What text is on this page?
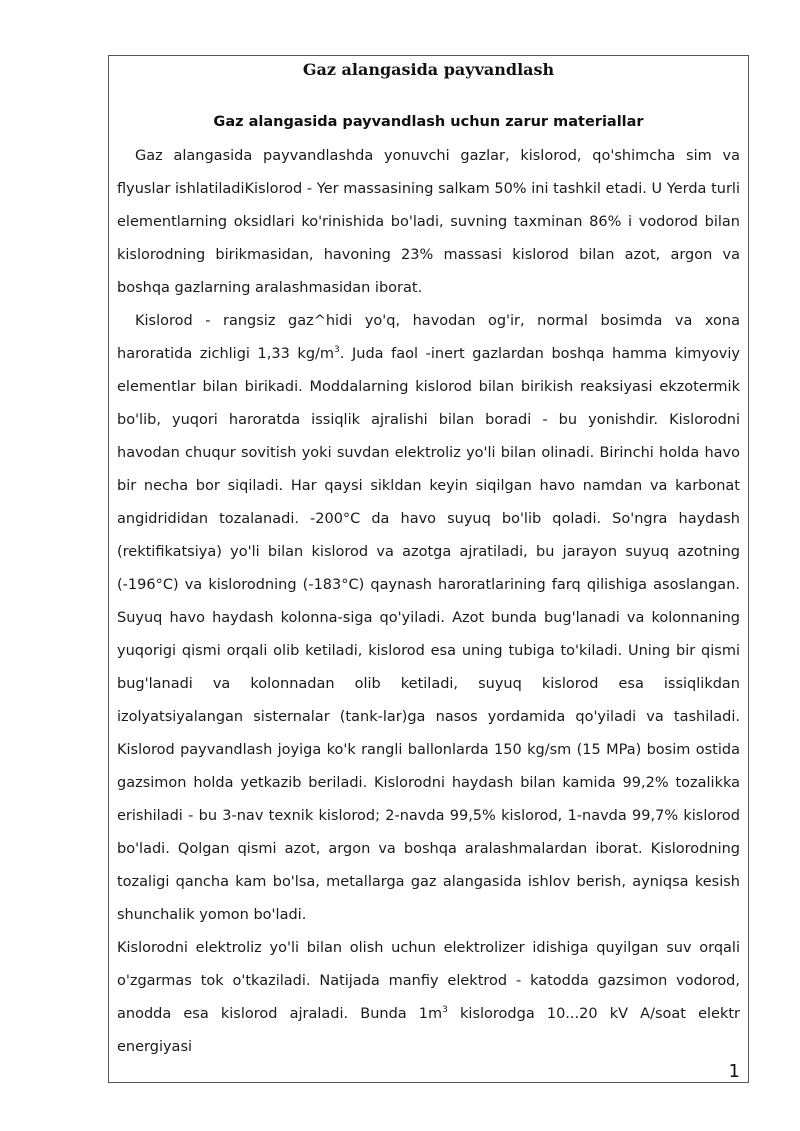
Gaz alangasida payvandlash
Gaz alangasida payvandlash uchun zarur materiallar

Gaz alangasida payvandlashda yonuvchi gazlar, kislorod, qo'shimcha sim va flyuslar ishlatiladiKislorod - Yer massasining salkam 50% ini tashkil etadi. U Yerda turli elementlarning oksidlari ko'rinishida bo'ladi, suvning taxminan 86% i vodorod bilan kislorodning birikmasidan, havoning 23% massasi kislorod bilan azot, argon va boshqa gazlarning aralashmasidan iborat.

Kislorod - rangsiz gaz^hidi yo'q, havodan og'ir, normal bosimda va xona haroratida zichligi 1,33 $kg/m^3$. Juda faol -inert gazlardan boshqa hamma kimyoviy elementlar bilan birikadi. Moddalarning kislorod bilan birikish reaksiyasi ekzotermik bo'lib, yuqori haroratda issiqlik ajralishi bilan boradi - bu yonishdir. Kislorodni havodan chuqur sovitish yoki suvdan elektroliz yo'li bilan olinadi. Birinchi holda havo bir necha bor siqiladi. Har qaysi sikldan keyin siqilgan havo namdan va karbonat angidrididan tozalanadi. -200°C da havo suyuq bo'lib qoladi. So'ngra haydash (rektifikatsiya) yo'li bilan kislorod va azotga ajratiladi, bu jarayon suyuq azotning (-196°C) va kislorodning (-183°C) qaynash haroratlarining farq qilishiga asoslangan. Suyuq havo haydash kolonna-siga qo'yiladi. Azot bunda bug'lanadi va kolonnaning yuqorigi qismi orqali olib ketiladi, kislorod esa uning tubiga to'kiladi. Uning bir qismi bug'lanadi va kolonnadan olib ketiladi, suyuq kislorod esa issiqlikdan izolyatsiyalangan sisternalar (tank-lar)ga nasos yordamida qo'yiladi va tashiladi. Kislorod payvandlash joyiga ko'k rangli ballonlarda 150 kg/sm (15 MPa) bosim ostida gazsimon holda yetkazib beriladi. Kislorodni haydash bilan kamida 99,2% tozalikka erishiladi - bu 3-nav texnik kislorod; 2-navda 99,5% kislorod, 1-navda 99,7% kislorod bo'ladi. Qolgan qismi azot, argon va boshqa aralashmalardan iborat. Kislorodning tozaligi qancha kam bo'lsa, metallarga gaz alangasida ishlov berish, ayniqsa kesish shunchalik yomon bo'ladi.

Kislorodni elektroliz yo'li bilan olish uchun elektrolizer idishiga quyilgan suv orqali o'zgarmas tok o'tkaziladi. Natijada manfiy elektrod - katodda gazsimon vodorod, anodda esa kislorod ajraladi. Bunda $1m^3$ kislorodga 10...20 kV A/soat elektr energiyasi

1
